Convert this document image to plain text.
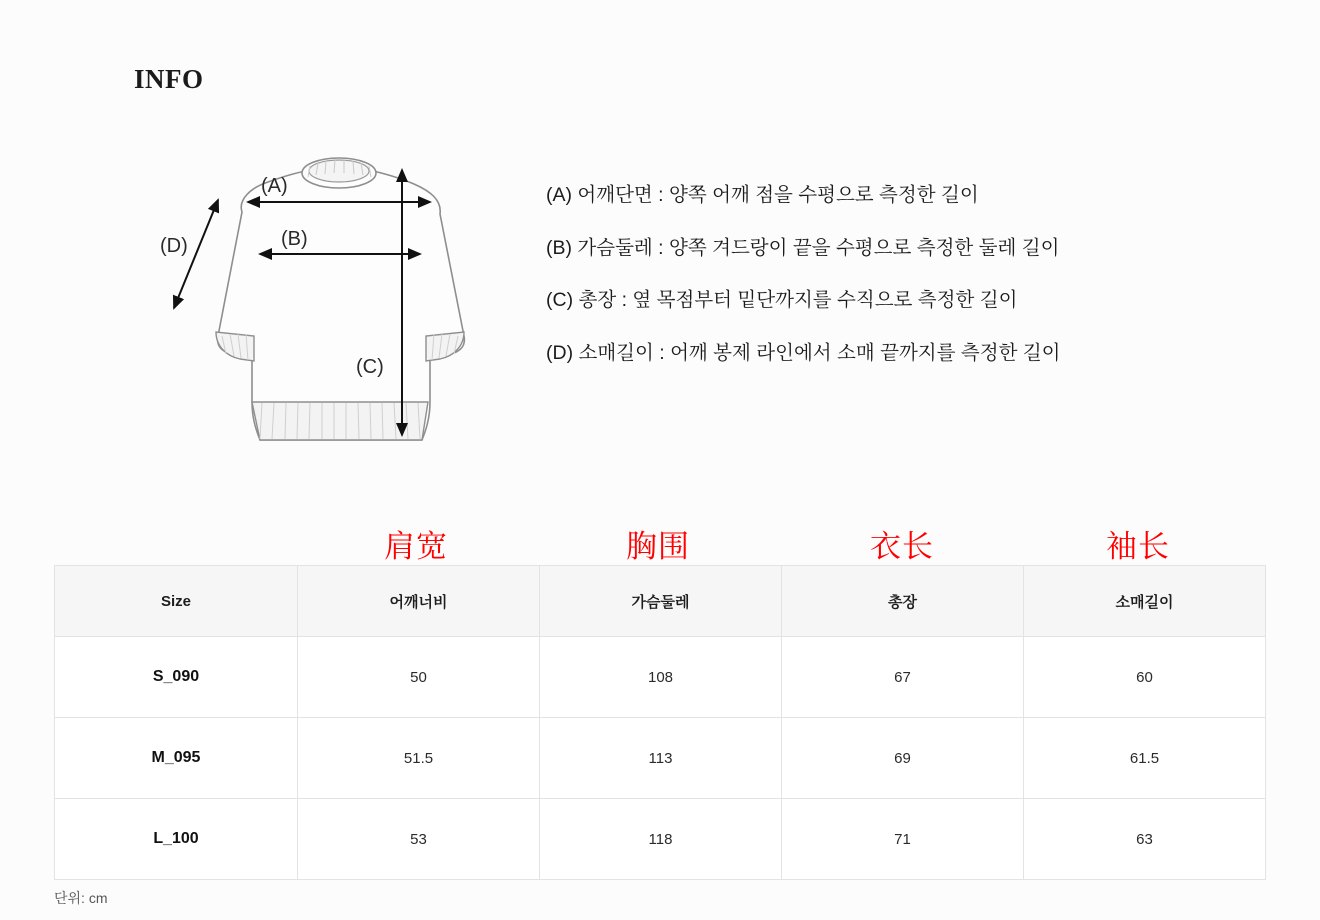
INFO
(A)
(B)
(C)
(D)
(A) 어깨단면 : 양쪽 어깨 점을 수평으로 측정한 길이
(B) 가슴둘레 : 양쪽 겨드랑이 끝을 수평으로 측정한 둘레 길이
(C) 총장 : 옆 목점부터 밑단까지를 수직으로 측정한 길이
(D) 소매길이 : 어깨 봉제 라인에서 소매 끝까지를 측정한 길이
肩宽	胸围	衣长	袖长
Size	어깨너비	가슴둘레	총장	소매길이
S_090	50	108	67	60
M_095	51.5	113	69	61.5
L_100	53	118	71	63
단위: cm
